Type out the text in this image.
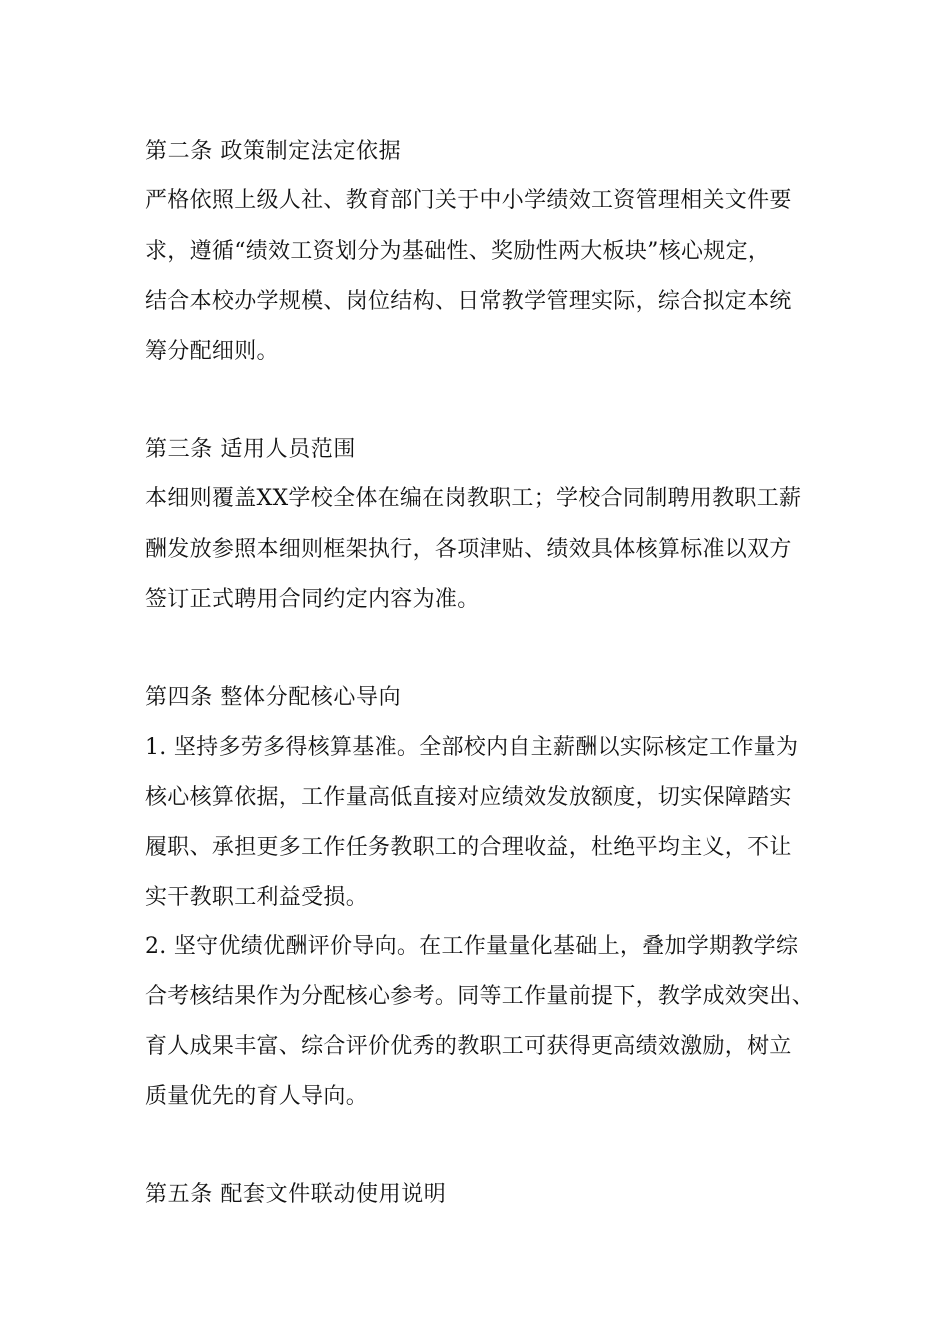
第二条 政策制定法定依据
严格依照上级人社、教育部门关于中小学绩效工资管理相关文件要
求，遵循“绩效工资划分为基础性、奖励性两大板块”核心规定，
结合本校办学规模、岗位结构、日常教学管理实际，综合拟定本统
筹分配细则。
第三条 适用人员范围
本细则覆盖XX学校全体在编在岗教职工；学校合同制聘用教职工薪
酬发放参照本细则框架执行，各项津贴、绩效具体核算标准以双方
签订正式聘用合同约定内容为准。
第四条 整体分配核心导向
1. 坚持多劳多得核算基准。全部校内自主薪酬以实际核定工作量为
核心核算依据，工作量高低直接对应绩效发放额度，切实保障踏实
履职、承担更多工作任务教职工的合理收益，杜绝平均主义，不让
实干教职工利益受损。
2. 坚守优绩优酬评价导向。在工作量量化基础上，叠加学期教学综
合考核结果作为分配核心参考。同等工作量前提下，教学成效突出、
育人成果丰富、综合评价优秀的教职工可获得更高绩效激励，树立
质量优先的育人导向。
第五条 配套文件联动使用说明
